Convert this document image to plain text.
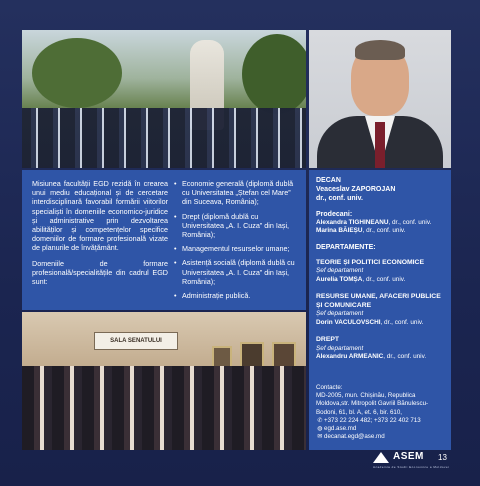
Misiunea facultății EGD rezidă în crearea unui mediu educațional și de cercetare interdisciplinară favorabil formării viitorilor specialiști în domeniile economico-juridice și administrative prin dezvoltarea abilităților și competențelor specifice domeniilor de formare profesională vizate de planurile de învățământ.

Domeniile de formare profesională/specialitățile din cadrul EGD sunt:

• Economie generală (diplomă dublă cu Universitatea „Ștefan cel Mare” din Suceava, România);
• Drept (diplomă dublă cu Universitatea „A. I. Cuza” din Iași, România);
• Managementul resurselor umane;
• Asistență socială (diplomă dublă cu Universitatea „A. I. Cuza” din Iași, România);
• Administrație publică.
SALA SENATULUI
DECAN
Veaceslav ZAPOROJAN
dr., conf. univ.
Prodecani:
Alexandra TIGHINEANU, dr., conf. univ.
Marina BĂIEȘU, dr., conf. univ.
DEPARTAMENTE:
TEORIE ȘI POLITICI ECONOMICE
Șef departament
Aurelia TOMȘA, dr., conf. univ.
RESURSE UMANE, AFACERI PUBLICE ȘI COMUNICARE
Șef departament
Dorin VACULOVSCHI, dr., conf. univ.
DREPT
Șef departament
Alexandru ARMEANIC, dr., conf. univ.
Contacte:
MD-2005, mun. Chișinău, Republica Moldova,str. Mitropolit Gavriil Bănulescu-Bodoni, 61, bl. A, et. 6, bir. 610,
✆+373 22 224 482; +373 22 402 713
◍egd.ase.md
✉decanat.egd@ase.md
ASEM
Academia de Studii Economice a Moldovei
13
